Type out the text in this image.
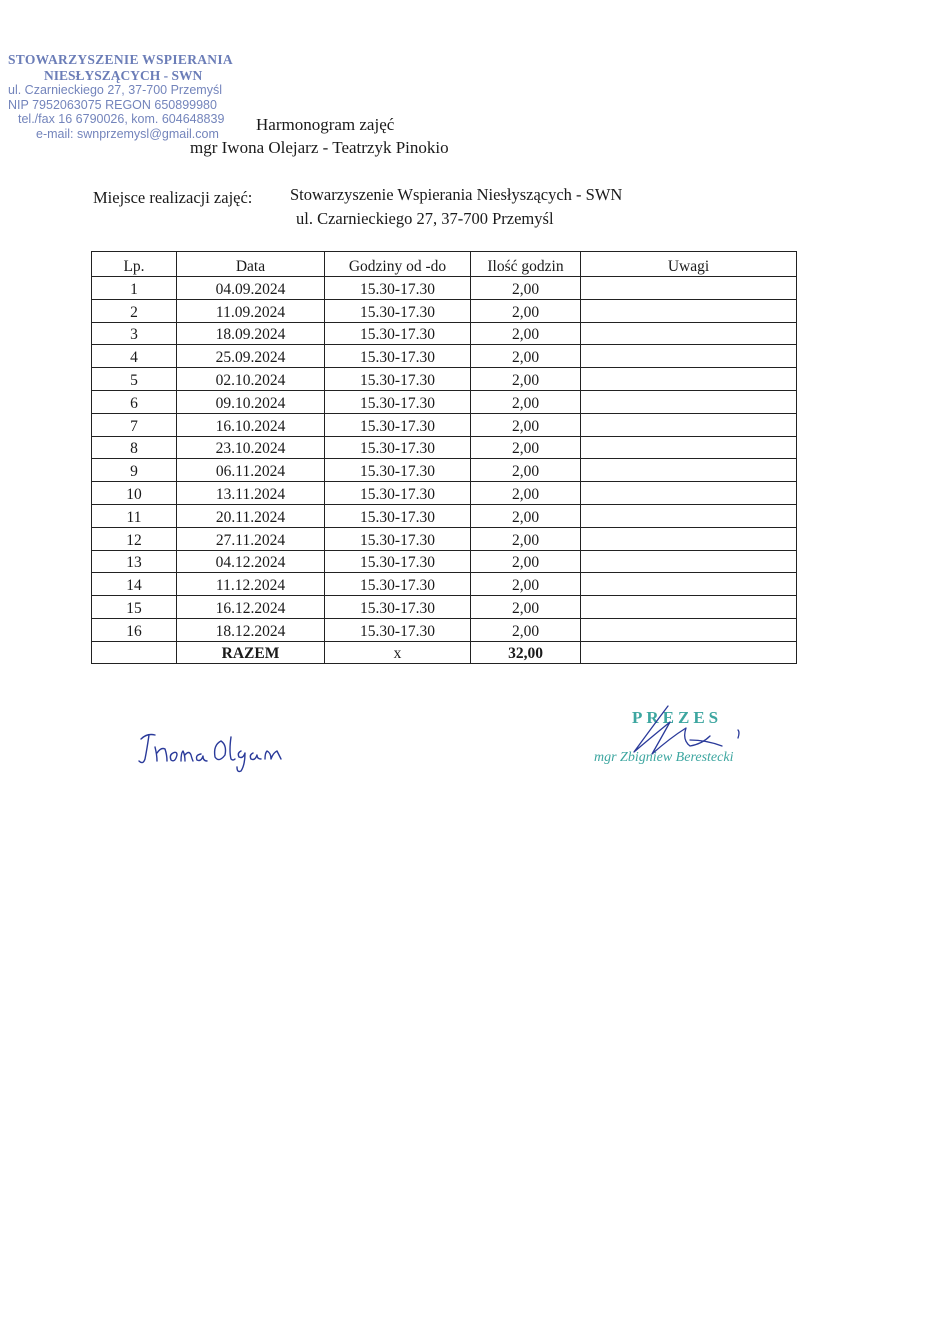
STOWARZYSZENIE WSPIERANIA
NIESŁYSZĄCYCH - SWN
ul. Czarnieckiego 27, 37-700 Przemyśl
NIP 7952063075 REGON 650899980
tel./fax 16 6790026, kom. 604648839
e-mail: swnprzemysl@gmail.com	Harmonogram zajęć
mgr Iwona Olejarz - Teatrzyk Pinokio
Miejsce realizacji zajęć: Stowarzyszenie Wspierania Niesłyszących - SWN
ul. Czarnieckiego 27, 37-700 Przemyśl
Lp.	Data	Godziny od -do	Ilość godzin	Uwagi
1	04.09.2024	15.30-17.30	2,00	
2	11.09.2024	15.30-17.30	2,00	
3	18.09.2024	15.30-17.30	2,00	
4	25.09.2024	15.30-17.30	2,00	
5	02.10.2024	15.30-17.30	2,00	
6	09.10.2024	15.30-17.30	2,00	
7	16.10.2024	15.30-17.30	2,00	
8	23.10.2024	15.30-17.30	2,00	
9	06.11.2024	15.30-17.30	2,00	
10	13.11.2024	15.30-17.30	2,00	
11	20.11.2024	15.30-17.30	2,00	
12	27.11.2024	15.30-17.30	2,00	
13	04.12.2024	15.30-17.30	2,00	
14	11.12.2024	15.30-17.30	2,00	
15	16.12.2024	15.30-17.30	2,00	
16	18.12.2024	15.30-17.30	2,00	
	RAZEM	x	32,00	
PREZES
mgr Zbigniew Berestecki
